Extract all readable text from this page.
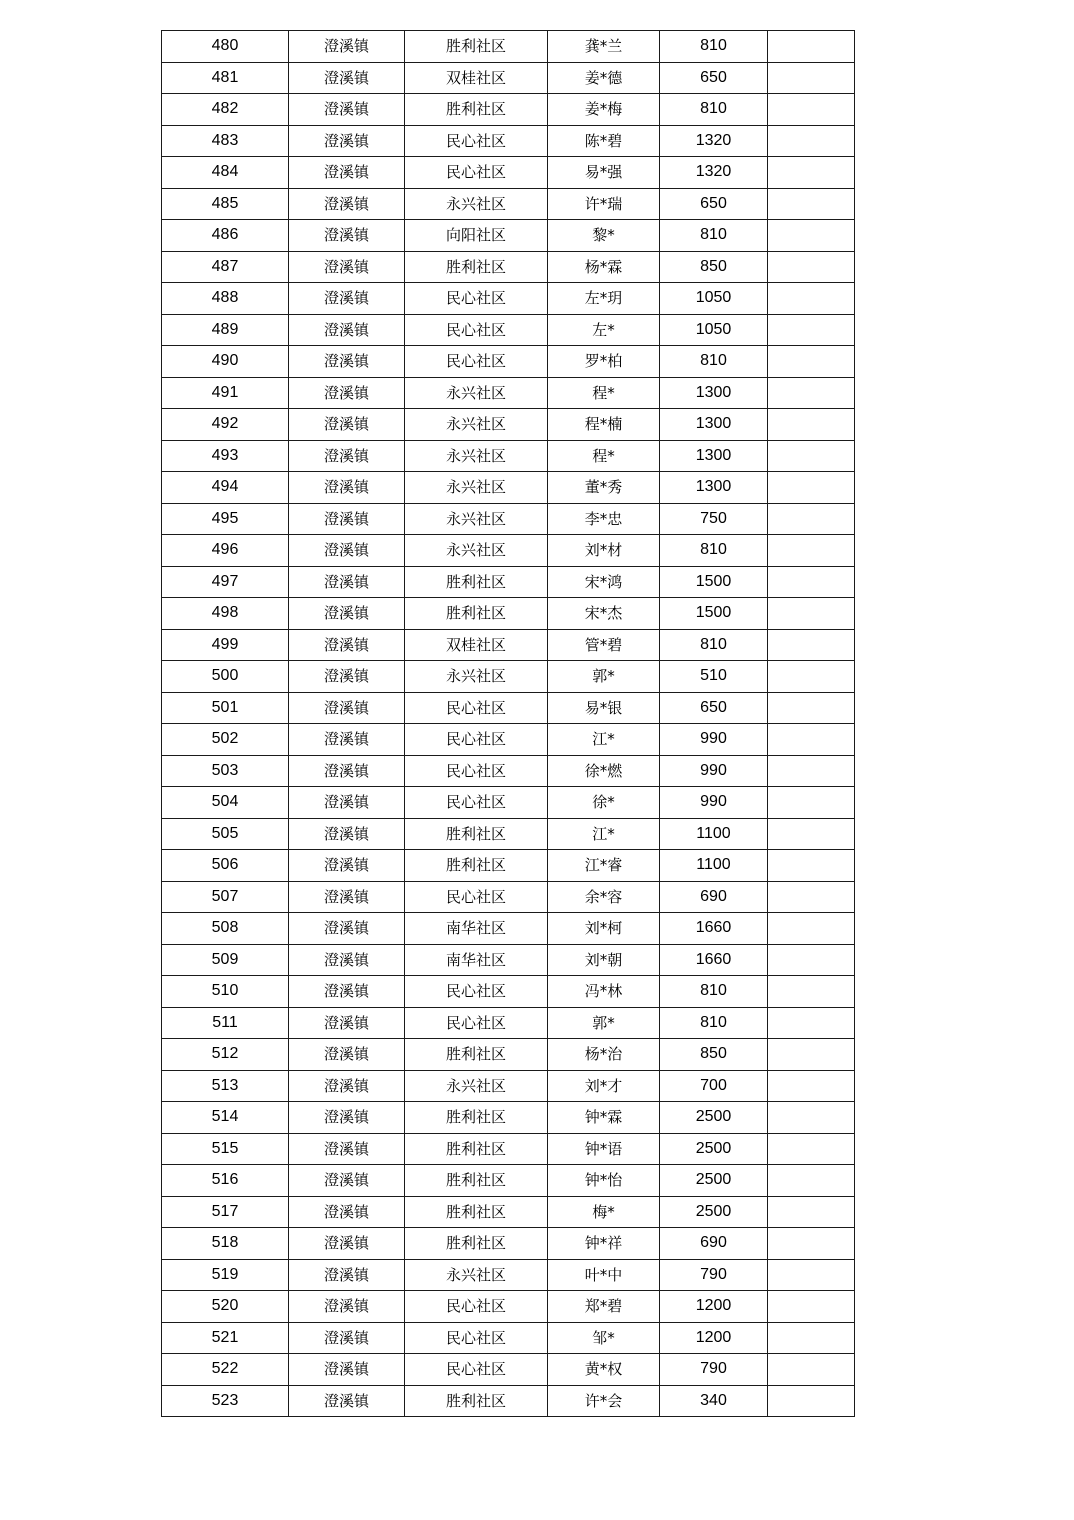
480	澄溪镇	胜利社区	龚*兰	810	
481	澄溪镇	双桂社区	姜*德	650	
482	澄溪镇	胜利社区	姜*梅	810	
483	澄溪镇	民心社区	陈*碧	1320	
484	澄溪镇	民心社区	易*强	1320	
485	澄溪镇	永兴社区	许*瑞	650	
486	澄溪镇	向阳社区	黎*	810	
487	澄溪镇	胜利社区	杨*霖	850	
488	澄溪镇	民心社区	左*玥	1050	
489	澄溪镇	民心社区	左*	1050	
490	澄溪镇	民心社区	罗*柏	810	
491	澄溪镇	永兴社区	程*	1300	
492	澄溪镇	永兴社区	程*楠	1300	
493	澄溪镇	永兴社区	程*	1300	
494	澄溪镇	永兴社区	董*秀	1300	
495	澄溪镇	永兴社区	李*忠	750	
496	澄溪镇	永兴社区	刘*材	810	
497	澄溪镇	胜利社区	宋*鸿	1500	
498	澄溪镇	胜利社区	宋*杰	1500	
499	澄溪镇	双桂社区	管*碧	810	
500	澄溪镇	永兴社区	郭*	510	
501	澄溪镇	民心社区	易*银	650	
502	澄溪镇	民心社区	江*	990	
503	澄溪镇	民心社区	徐*燃	990	
504	澄溪镇	民心社区	徐*	990	
505	澄溪镇	胜利社区	江*	1100	
506	澄溪镇	胜利社区	江*睿	1100	
507	澄溪镇	民心社区	余*容	690	
508	澄溪镇	南华社区	刘*柯	1660	
509	澄溪镇	南华社区	刘*朝	1660	
510	澄溪镇	民心社区	冯*林	810	
511	澄溪镇	民心社区	郭*	810	
512	澄溪镇	胜利社区	杨*治	850	
513	澄溪镇	永兴社区	刘*才	700	
514	澄溪镇	胜利社区	钟*霖	2500	
515	澄溪镇	胜利社区	钟*语	2500	
516	澄溪镇	胜利社区	钟*怡	2500	
517	澄溪镇	胜利社区	梅*	2500	
518	澄溪镇	胜利社区	钟*祥	690	
519	澄溪镇	永兴社区	叶*中	790	
520	澄溪镇	民心社区	郑*碧	1200	
521	澄溪镇	民心社区	邹*	1200	
522	澄溪镇	民心社区	黄*权	790	
523	澄溪镇	胜利社区	许*会	340	
